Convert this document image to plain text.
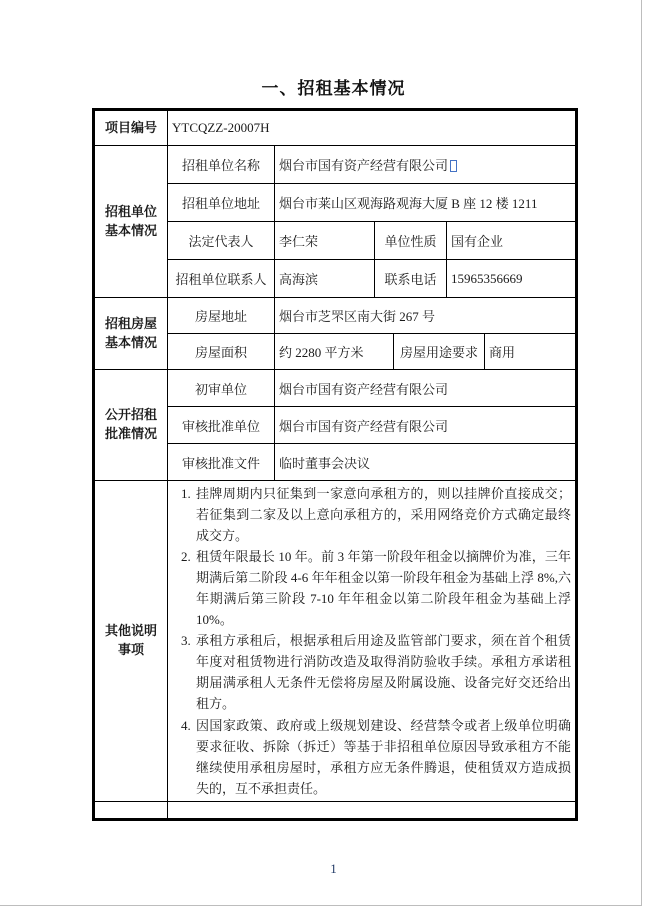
一、招租基本情况
项目编号	YTCQZZ-20007H					
招租单位
基本情况	招租单位名称	烟台市国有资产经营有限公司				
	招租单位地址	烟台市莱山区观海路观海大厦 B 座 12 楼 1211				
	法定代表人	李仁荣	单位性质		国有企业	
	招租单位联系人	高海滨	联系电话		15965356669	
招租房屋
基本情况	房屋地址	烟台市芝罘区南大街 267 号				
	房屋面积	约 2280 平方米		房屋用途要求		商用
公开招租
批准情况	初审单位	烟台市国有资产经营有限公司				
	审核批准单位	烟台市国有资产经营有限公司				
	审核批准文件	临时董事会决议				
其他说明
事项	
1. 挂牌周期内只征集到一家意向承租方的，则以挂牌价直接成交；若征集到二家及以上意向承租方的，采用网络竞价方式确定最终成交方。
2. 租赁年限最长 10 年。前 3 年第一阶段年租金以摘牌价为准，三年期满后第二阶段 4-6 年年租金以第一阶段年租金为基础上浮 8%,六年期满后第三阶段 7-10 年年租金以第二阶段年租金为基础上浮 10%。
3. 承租方承租后，根据承租后用途及监管部门要求，须在首个租赁年度对租赁物进行消防改造及取得消防验收手续。承租方承诺租期届满承租人无条件无偿将房屋及附属设施、设备完好交还给出租方。
4. 因国家政策、政府或上级规划建设、经营禁令或者上级单位明确要求征收、拆除（拆迁）等基于非招租单位原因导致承租方不能继续使用承租房屋时，承租方应无条件腾退，使租赁双方造成损失的，互不承担责任。

1
